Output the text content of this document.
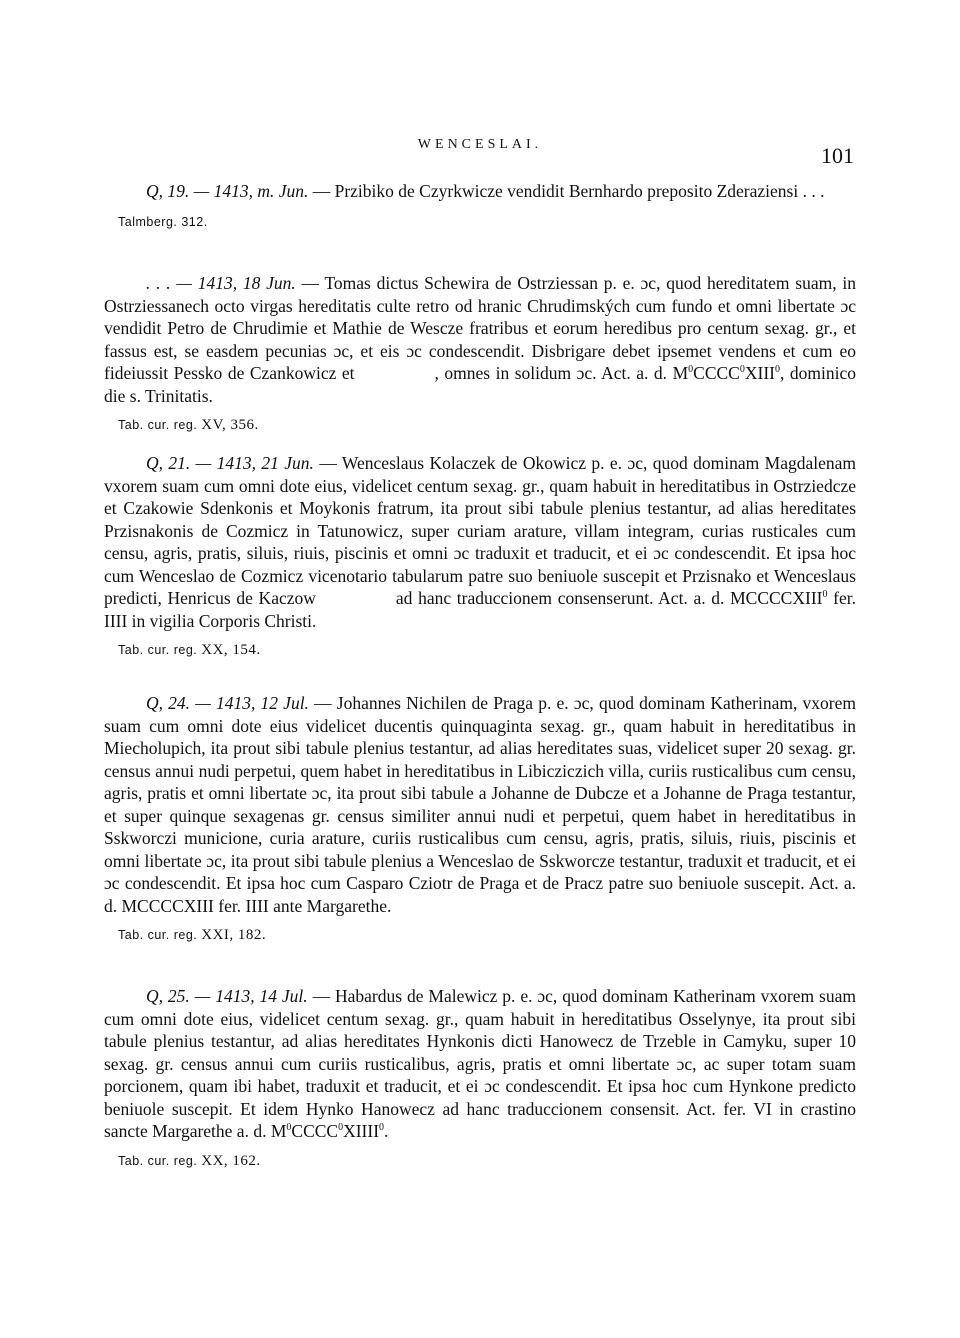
WENCESLAI.	101

Q, 19. — 1413, m. Jun. — Przibiko de Czyrkwicze vendidit Bernhardo preposito Zderaziensi . . .

Talmberg. 312.

. . . — 1413, 18 Jun. — Tomas dictus Schewira de Ostrziessan p. e. ɔc, quod hereditatem suam, in Ostrziessanech octo virgas hereditatis culte retro od hranic Chrudimských cum fundo et omni libertate ɔc vendidit Petro de Chrudimie et Mathie de Wescze fratribus et eorum heredibus pro centum sexag. gr., et fassus est, se easdem pecunias ɔc, et eis ɔc condescendit. Disbrigare debet ipsemet vendens et cum eo fideiussit Pessko de Czankowicz et	, omnes in solidum ɔc. Act. a. d. $M^0CCCC^0XIII^0$, dominico die s. Trinitatis.

Tab. cur. reg. XV, 356.

Q, 21. — 1413, 21 Jun. — Wenceslaus Kolaczek de Okowicz p. e. ɔc, quod dominam Magdalenam vxorem suam cum omni dote eius, videlicet centum sexag. gr., quam habuit in hereditatibus in Ostrziedcze et Czakowie Sdenkonis et Moykonis fratrum, ita prout sibi tabule plenius testantur, ad alias hereditates Przisnakonis de Cozmicz in Tatunowicz, super curiam arature, villam integram, curias rusticales cum censu, agris, pratis, siluis, riuis, piscinis et omni ɔc traduxit et traducit, et ei ɔc condescendit. Et ipsa hoc cum Wenceslao de Cozmicz vicenotario tabularum patre suo beniuole suscepit et Przisnako et Wenceslaus predicti, Henricus de Kaczow	ad hanc traduccionem consenserunt. Act. a. d. MCCCCXIII$^0$ fer. IIII in vigilia Corporis Christi.

Tab. cur. reg. XX, 154.

Q, 24. — 1413, 12 Jul. — Johannes Nichilen de Praga p. e. ɔc, quod dominam Katherinam, vxorem suam cum omni dote eius videlicet ducentis quinquaginta sexag. gr., quam habuit in hereditatibus in Miecholupich, ita prout sibi tabule plenius testantur, ad alias hereditates suas, videlicet super 20 sexag. gr. census annui nudi perpetui, quem habet in hereditatibus in Libiczicziсh villa, curiis rusticalibus cum censu, agris, pratis et omni libertate ɔc, ita prout sibi tabule a Johanne de Dubcze et a Johanne de Praga testantur, et super quinque sexagenas gr. census similiter annui nudi et perpetui, quem habet in hereditatibus in Sskworczi municione, curia arature, curiis rusticalibus cum censu, agris, pratis, siluis, riuis, piscinis et omni libertate ɔc, ita prout sibi tabule plenius a Wenceslao de Sskworcze testantur, traduxit et traducit, et ei ɔc condescendit. Et ipsa hoc cum Casparo Cziotr de Praga et de Pracz patre suo beniuole suscepit. Act. a. d. MCCCCXIII fer. IIII ante Margarethe.

Tab. cur. reg. XXI, 182.

Q, 25. — 1413, 14 Jul. — Habardus de Malewicz p. e. ɔc, quod dominam Katherinam vxorem suam cum omni dote eius, videlicet centum sexag. gr., quam habuit in hereditatibus Osselynye, ita prout sibi tabule plenius testantur, ad alias hereditates Hynkonis dicti Hanowecz de Trzeble in Camyku, super 10 sexag. gr. census annui cum curiis rusticalibus, agris, pratis et omni libertate ɔc, ac super totam suam porcionem, quam ibi habet, traduxit et traducit, et ei ɔc condescendit. Et ipsa hoc cum Hynkone predicto beniuole suscepit. Et idem Hynko Hanowecz ad hanc traduccionem consensit. Act. fer. VI in crastino sancte Margarethe a. d. $M^0CCCC^0XIIII^0$.

Tab. cur. reg. XX, 162.
